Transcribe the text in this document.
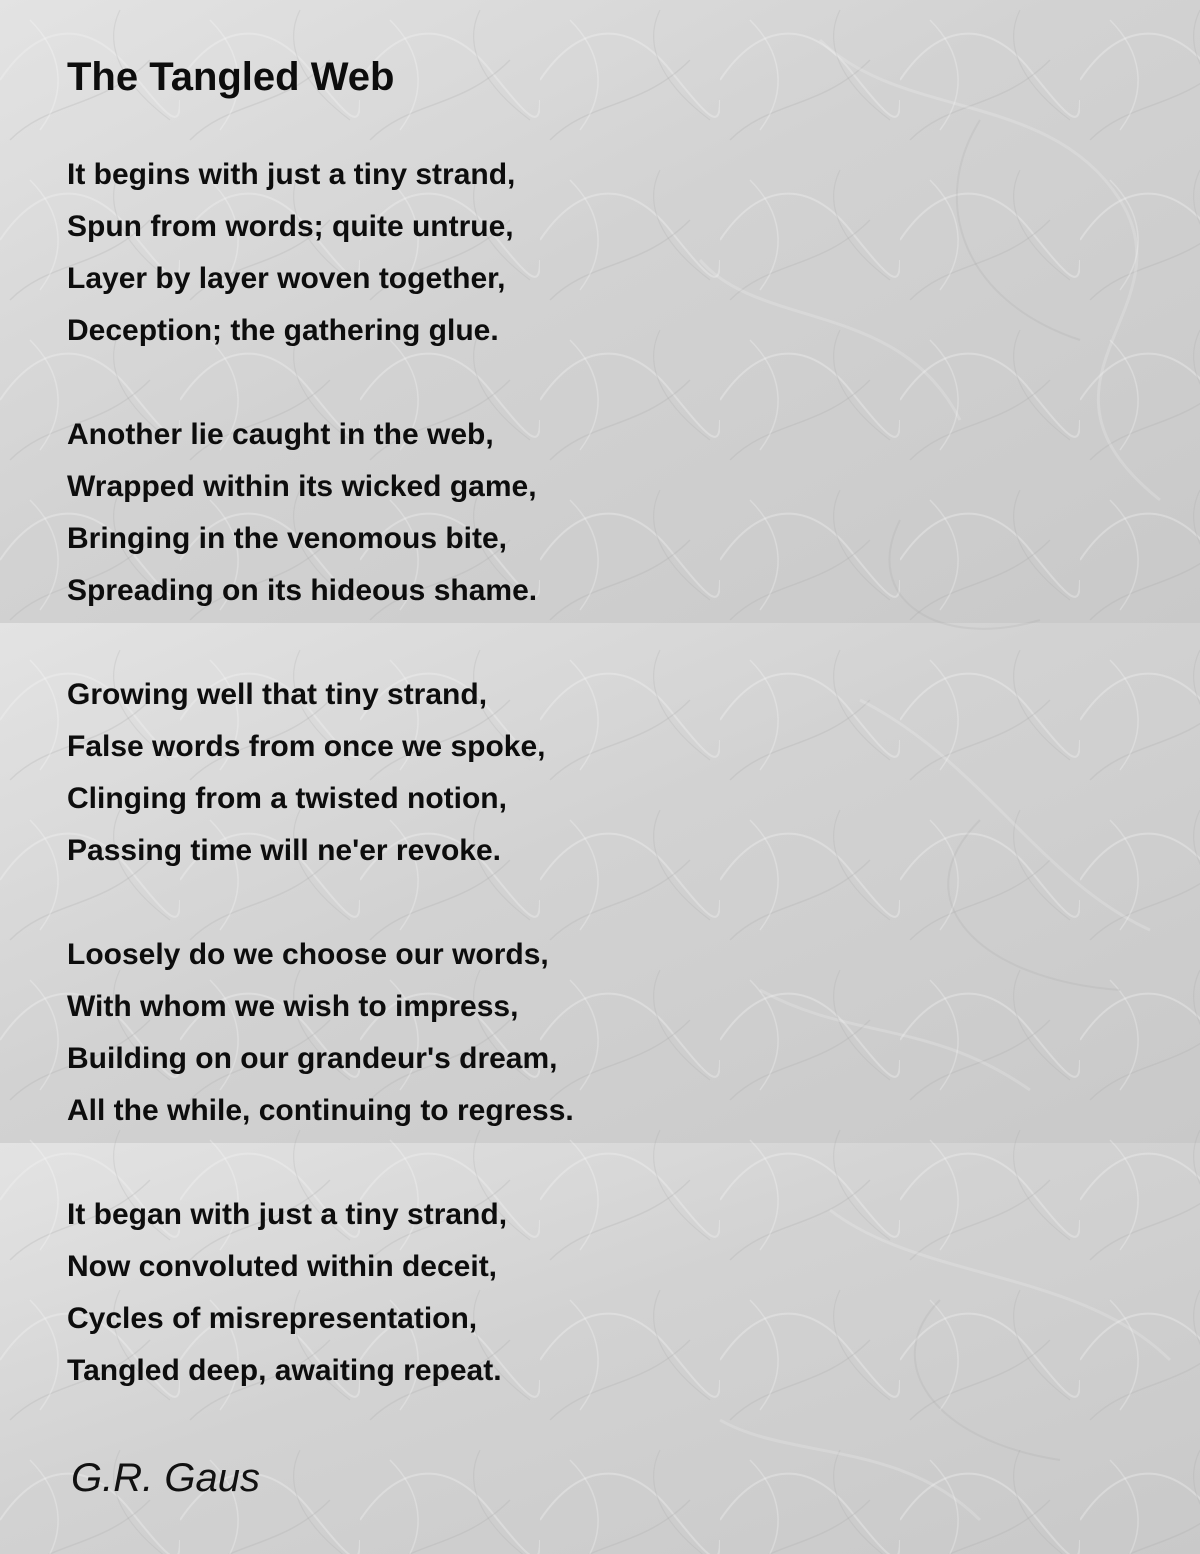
The Tangled Web
It begins with just a tiny strand,
Spun from words; quite untrue,
Layer by layer woven together,
Deception; the gathering glue.
Another lie caught in the web,
Wrapped within its wicked game,
Bringing in the venomous bite,
Spreading on its hideous shame.
Growing well that tiny strand,
False words from once we spoke,
Clinging from a twisted notion,
Passing time will ne'er revoke.
Loosely do we choose our words,
With whom we wish to impress,
Building on our grandeur's dream,
All the while, continuing to regress.
It began with just a tiny strand,
Now convoluted within deceit,
Cycles of misrepresentation,
Tangled deep, awaiting repeat.
G.R. Gaus
